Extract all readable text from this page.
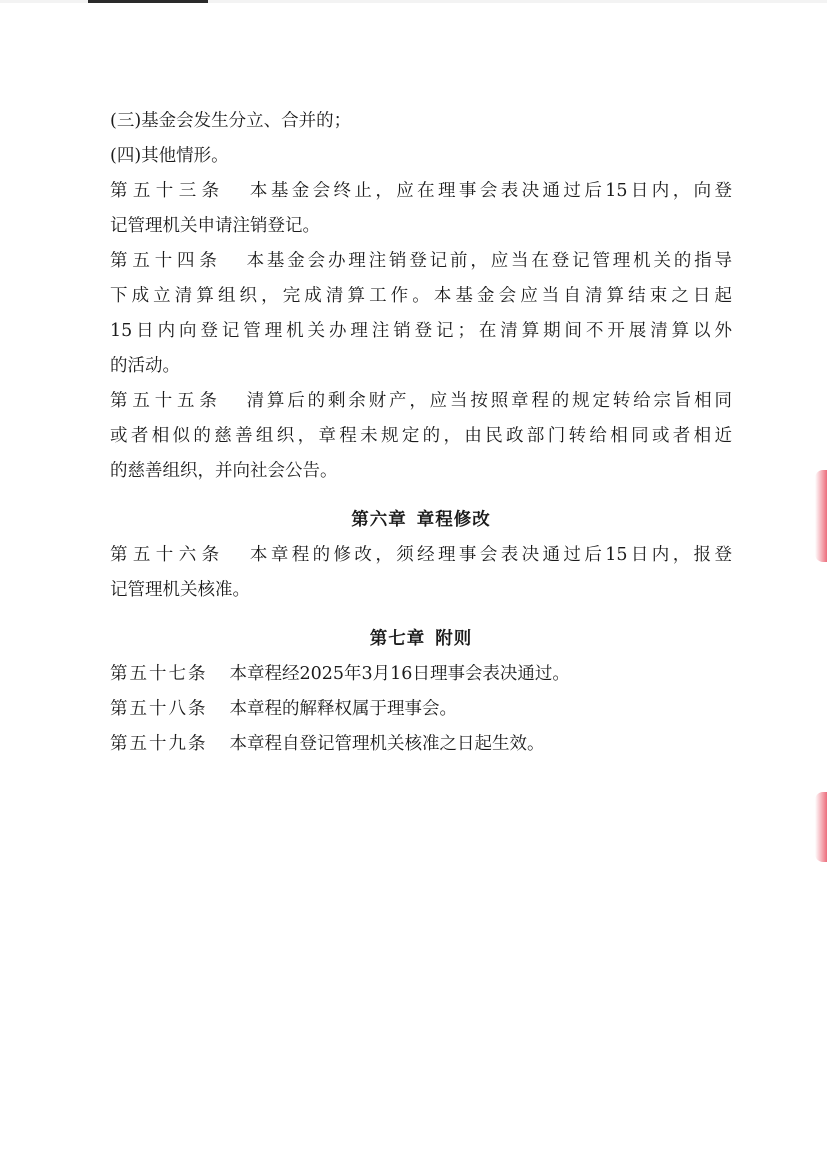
(三)基金会发生分立、合并的；

(四)其他情形。

第五十三条 本基金会终止，应在理事会表决通过后15日内，向登

记管理机关申请注销登记。

第五十四条 本基金会办理注销登记前，应当在登记管理机关的指导

下成立清算组织，完成清算工作。本基金会应当自清算结束之日起

15日内向登记管理机关办理注销登记；在清算期间不开展清算以外

的活动。

第五十五条 清算后的剩余财产，应当按照章程的规定转给宗旨相同

或者相似的慈善组织，章程未规定的，由民政部门转给相同或者相近

的慈善组织，并向社会公告。

第六章 章程修改

第五十六条 本章程的修改，须经理事会表决通过后15日内，报登

记管理机关核准。

第七章 附则

第五十七条 本章程经2025年3月16日理事会表决通过。

第五十八条 本章程的解释权属于理事会。

第五十九条 本章程自登记管理机关核准之日起生效。
